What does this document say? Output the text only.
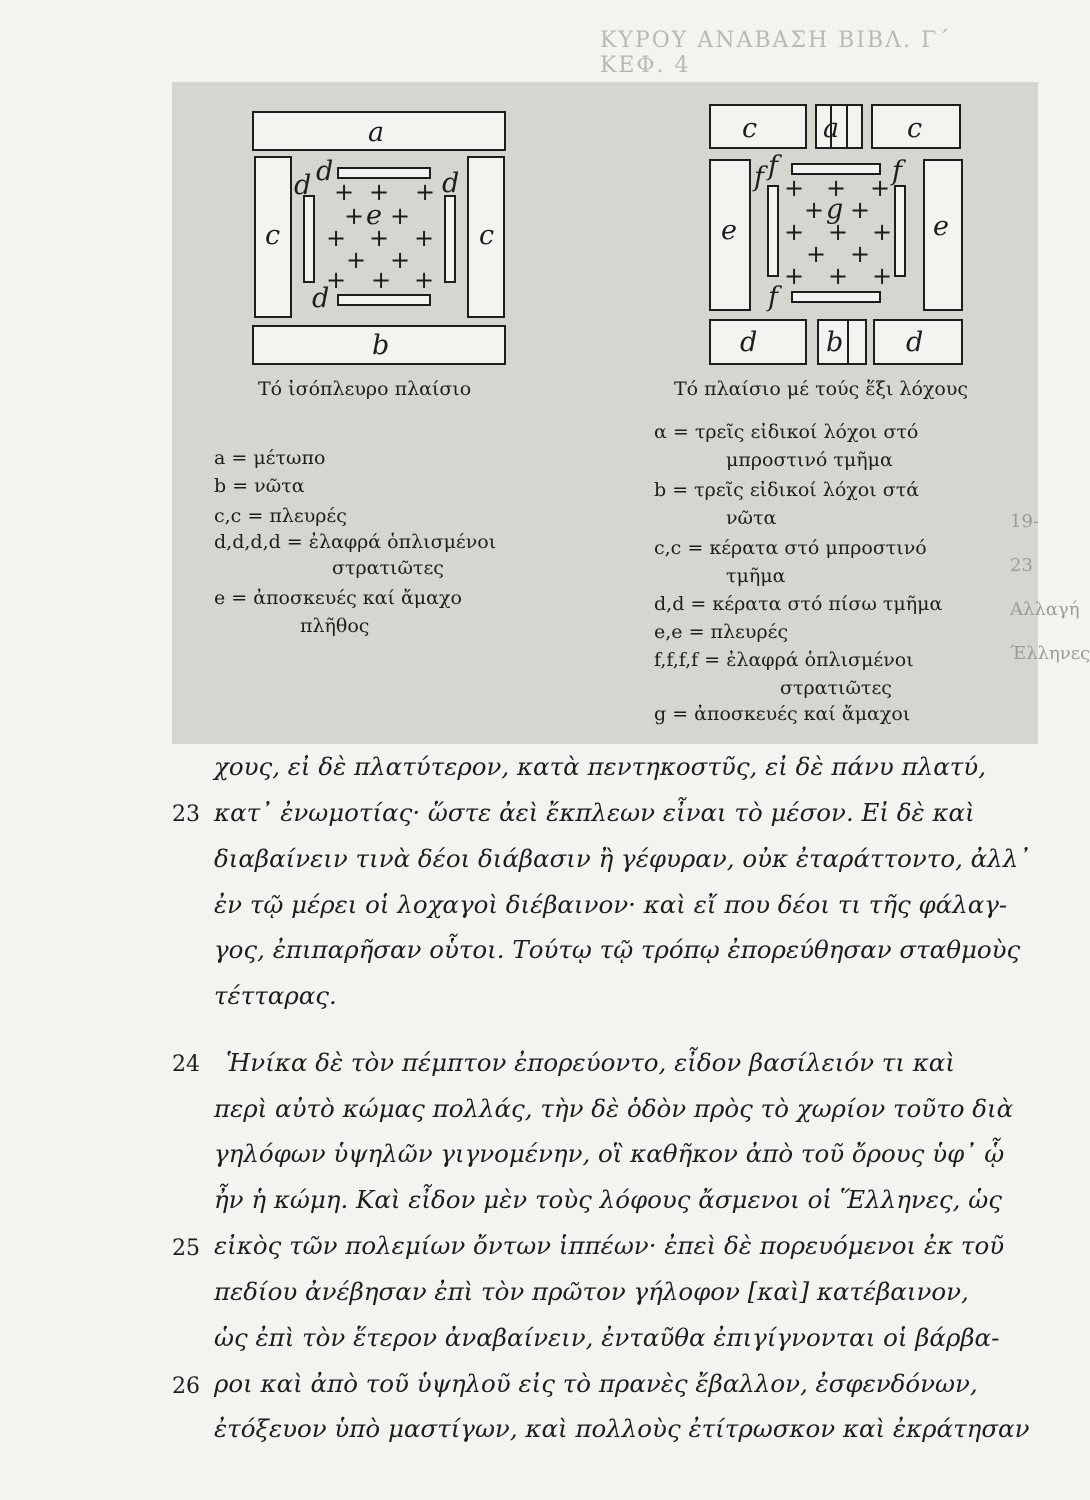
ΚΥΡΟΥ ΑΝΑΒΑΣΗ ΒΙΒΛ. Γ΄ ΚΕΦ. 4
19-23
Αλλαγή
Έλληνες
a
c	c
d
d
d	d
+ + +
+ e +
+ + +
+ +
+ + +
b
c a	c
e	e
f
f
f	f
+ + +
+ g +
+ + +
+ +
+ + +
d	b d
Τό ἰσόπλευρο πλαίσιο	Τό πλαίσιο μέ τούς ἕξι λόχους
a = μέτωπο
b = νῶτα
c,c = πλευρές
d,d,d,d = ἐλαφρά ὁπλισμένοι
στρατιῶτες
e = ἀποσκευές καί ἄμαχο
πλῆθος
α = τρεῖς εἰδικοί λόχοι στό
μπροστινό τμῆμα
b = τρεῖς εἰδικοί λόχοι στά
νῶτα
c,c = κέρατα στό μπροστινό
τμῆμα
d,d = κέρατα στό πίσω τμῆμα
e,e = πλευρές
f,f,f,f = ἐλαφρά ὁπλισμένοι
στρατιῶτες
g = ἀποσκευές καί ἄμαχοι
23
χους, εἰ δὲ πλατύτερον, κατὰ πεντηκοστῦς, εἰ δὲ πάνυ πλατύ,
κατ᾿ ἐνωμοτίας· ὥστε ἀεὶ ἔκπλεων εἶναι τὸ μέσον. Εἰ δὲ καὶ
διαβαίνειν τινὰ δέοι διάβασιν ἢ γέφυραν, οὐκ ἐταράττοντο, ἀλλ᾿
ἐν τῷ μέρει οἱ λοχαγοὶ διέβαινον· καὶ εἴ που δέοι τι τῆς φάλαγ-
γος, ἐπιπαρῆσαν οὗτοι. Τούτῳ τῷ τρόπῳ ἐπορεύθησαν σταθμοὺς
τέτταρας.
24 Ἡνίκα δὲ τὸν πέμπτον ἐπορεύοντο, εἶδον βασίλειόν τι καὶ
περὶ αὐτὸ κώμας πολλάς, τὴν δὲ ὁδὸν πρὸς τὸ χωρίον τοῦτο διὰ
γηλόφων ὑψηλῶν γιγνομένην, οἳ καθῆκον ἀπὸ τοῦ ὄρους ὑφ᾿ ᾧ
ἦν ἡ κώμη. Καὶ εἶδον μὲν τοὺς λόφους ἄσμενοι οἱ Ἕλληνες, ὡς
25 εἰκὸς τῶν πολεμίων ὄντων ἱππέων· ἐπεὶ δὲ πορευόμενοι ἐκ τοῦ
πεδίου ἀνέβησαν ἐπὶ τὸν πρῶτον γήλοφον [καὶ] κατέβαινον,
ὡς ἐπὶ τὸν ἕτερον ἀναβαίνειν, ἐνταῦθα ἐπιγίγνονται οἱ βάρβα-
26 ροι καὶ ἀπὸ τοῦ ὑψηλοῦ εἰς τὸ πρανὲς ἔβαλλον, ἐσφενδόνων,
ἐτόξευον ὑπὸ μαστίγων, καὶ πολλοὺς ἐτίτρωσκον καὶ ἐκράτησαν
